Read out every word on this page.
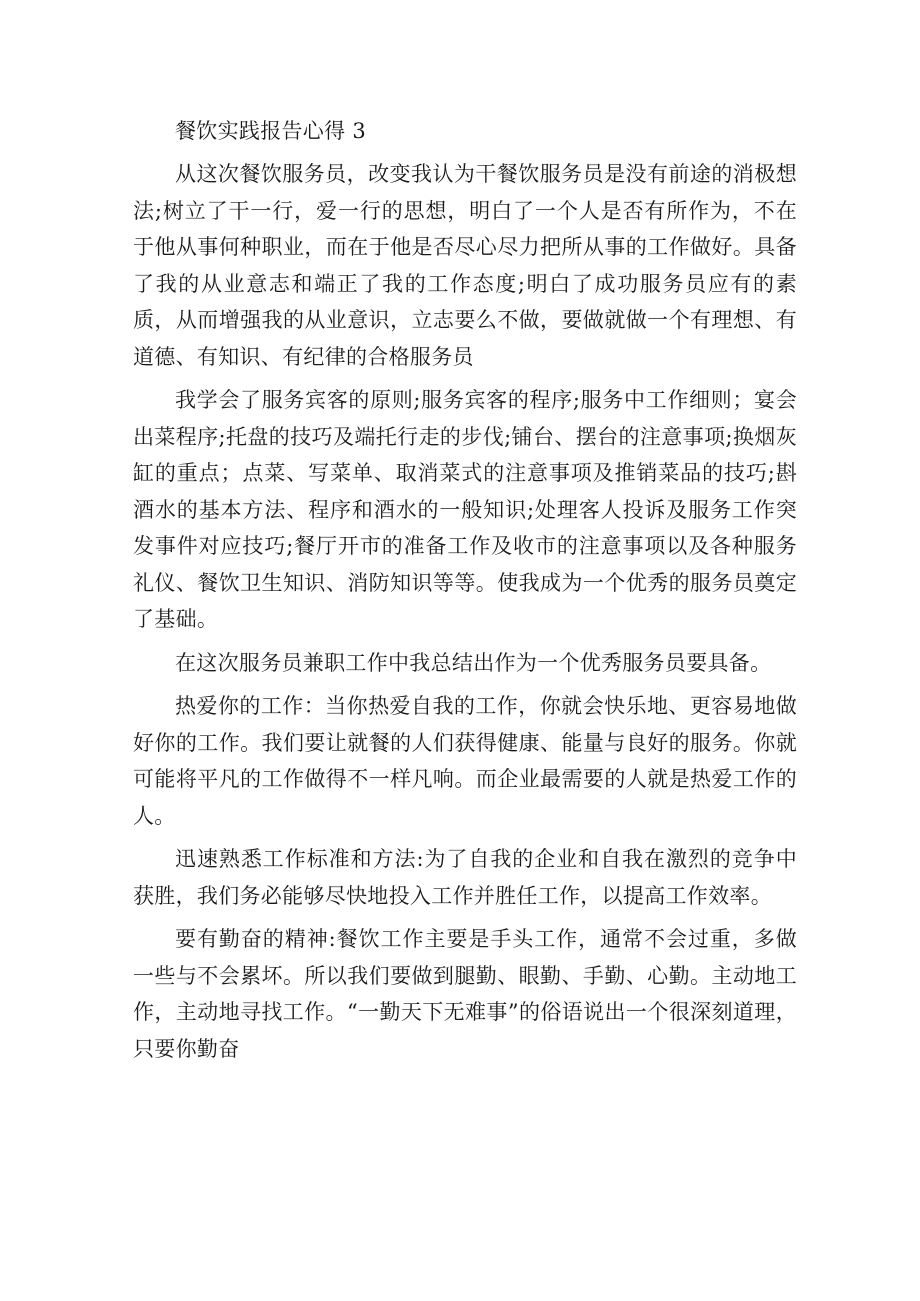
餐饮实践报告心得 3

从这次餐饮服务员，改变我认为干餐饮服务员是没有前途的消极想法;树立了干一行，爱一行的思想，明白了一个人是否有所作为，不在于他从事何种职业，而在于他是否尽心尽力把所从事的工作做好。具备了我的从业意志和端正了我的工作态度;明白了成功服务员应有的素质，从而增强我的从业意识，立志要么不做，要做就做一个有理想、有道德、有知识、有纪律的合格服务员

我学会了服务宾客的原则;服务宾客的程序;服务中工作细则；宴会出菜程序;托盘的技巧及端托行走的步伐;铺台、摆台的注意事项;换烟灰缸的重点；点菜、写菜单、取消菜式的注意事项及推销菜品的技巧;斟酒水的基本方法、程序和酒水的一般知识;处理客人投诉及服务工作突发事件对应技巧;餐厅开市的准备工作及收市的注意事项以及各种服务礼仪、餐饮卫生知识、消防知识等等。使我成为一个优秀的服务员奠定了基础。

在这次服务员兼职工作中我总结出作为一个优秀服务员要具备。

热爱你的工作：当你热爱自我的工作，你就会快乐地、更容易地做好你的工作。我们要让就餐的人们获得健康、能量与良好的服务。你就可能将平凡的工作做得不一样凡响。而企业最需要的人就是热爱工作的人。

迅速熟悉工作标准和方法:为了自我的企业和自我在激烈的竞争中获胜，我们务必能够尽快地投入工作并胜任工作，以提高工作效率。

要有勤奋的精神:餐饮工作主要是手头工作，通常不会过重，多做一些与不会累坏。所以我们要做到腿勤、眼勤、手勤、心勤。主动地工作，主动地寻找工作。“一勤天下无难事”的俗语说出一个很深刻道理，只要你勤奋
